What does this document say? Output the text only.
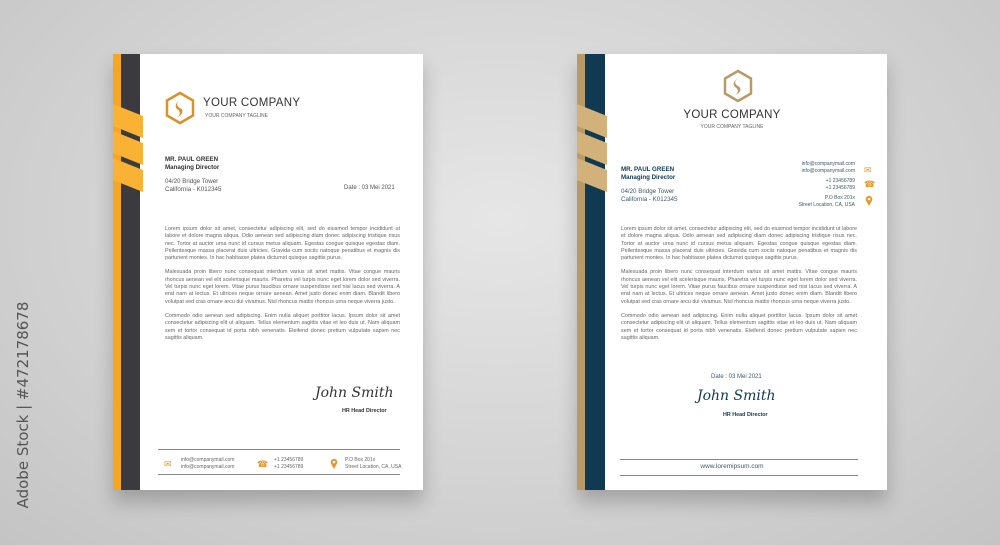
Adobe Stock | #472178678
YOUR COMPANY
YOUR COMPANY TAGLINE
MR. PAUL GREEN
Managing Director
04/20 Bridge Tower
California - K012345	Date : 03 Mei 2021

Lorem ipsum dolor sit amet, consectetur adipiscing elit, sed do eiusmod tempor incididunt ut labore et dolore magna aliqua. Odio aenean sed adipiscing diam donec adipiscing tristique risus nec. Tortor at auctor urna nunc id cursus metus aliquam. Egestas congue quisque egestas diam. Pellentesque massa placerat duis ultricies. Gravida cum sociis natoque penatibus et magnis dis parturient montes. In hac habitasse platea dictumst quisque sagittis purus.

Malesuada proin libero nunc consequat interdum varius sit amet mattis. Vitae congue mauris rhoncus aenean vel elit scelerisque mauris. Pharetra vel turpis nunc eget lorem dolor sed viverra. Vel turpis nunc eget lorem. Vitae purus faucibus ornare suspendisse sed nisi lacus sed viverra. A erat nam at lectus. Et ultrices neque ornare aenean. Amet justo donec enim diam. Blandit libero volutpat sed cras ornare arcu dui vivamus. Nisl rhoncus mattis rhoncus urna neque viverra justo.

Commodo odio aenean sed adipiscing. Enim nulla aliquet porttitor lacus. Ipsum dolor sit amet consectetur adipiscing elit ut aliquam. Tellus elementum sagittis vitae et leo duis ut. Nam aliquam sem et tortor consequat id porta nibh venenatis. Eleifend donec pretium vulputate sapien nec sagittis aliquam.

John Smith
HR Head Director
✉ info@companymail.com
info@companymail.com	☎ +1 23456789
+1 23456789
P.O Box 201x
Street Location, CA, USA
YOUR COMPANY
YOUR COMPANY TAGLINE
MR. PAUL GREEN
Managing Director
04/20 Bridge Tower
California - K012345
info@companymail.com
info@companymail.com
+1 23456789
+1 23456789
P.O Box 201x
Street Location, CA, USA
✉
☎

Lorem ipsum dolor sit amet, consectetur adipiscing elit, sed do eiusmod tempor incididunt ut labore et dolore magna aliqua. Odio aenean sed adipiscing diam donec adipiscing tristique risus nec. Tortor at auctor urna nunc id cursus metus aliquam. Egestas congue quisque egestas diam. Pellentesque massa placerat duis ultricies. Gravida cum sociis natoque penatibus et magnis dis parturient montes. In hac habitasse platea dictumst quisque sagittis purus.

Malesuada proin libero nunc consequat interdum varius sit amet mattis. Vitae congue mauris rhoncus aenean vel elit scelerisque mauris. Pharetra vel turpis nunc eget lorem dolor sed viverra. Vel turpis nunc eget lorem. Vitae purus faucibus ornare suspendisse sed nisi lacus sed viverra. A erat nam at lectus. Et ultrices neque ornare aenean. Amet justo donec enim diam. Blandit libero volutpat sed cras ornare arcu dui vivamus. Nisl rhoncus mattis rhoncus urna neque viverra justo.

Commodo odio aenean sed adipiscing. Enim nulla aliquet porttitor lacus. Ipsum dolor sit amet consectetur adipiscing elit ut aliquam. Tellus elementum sagittis vitae et leo duis ut. Nam aliquam sem et tortor consequat id porta nibh venenatis. Eleifend donec pretium vulputate sapien nec sagittis aliquam.

Date : 03 Mei 2021
John Smith
HR Head Director
www.loremipsum.com
